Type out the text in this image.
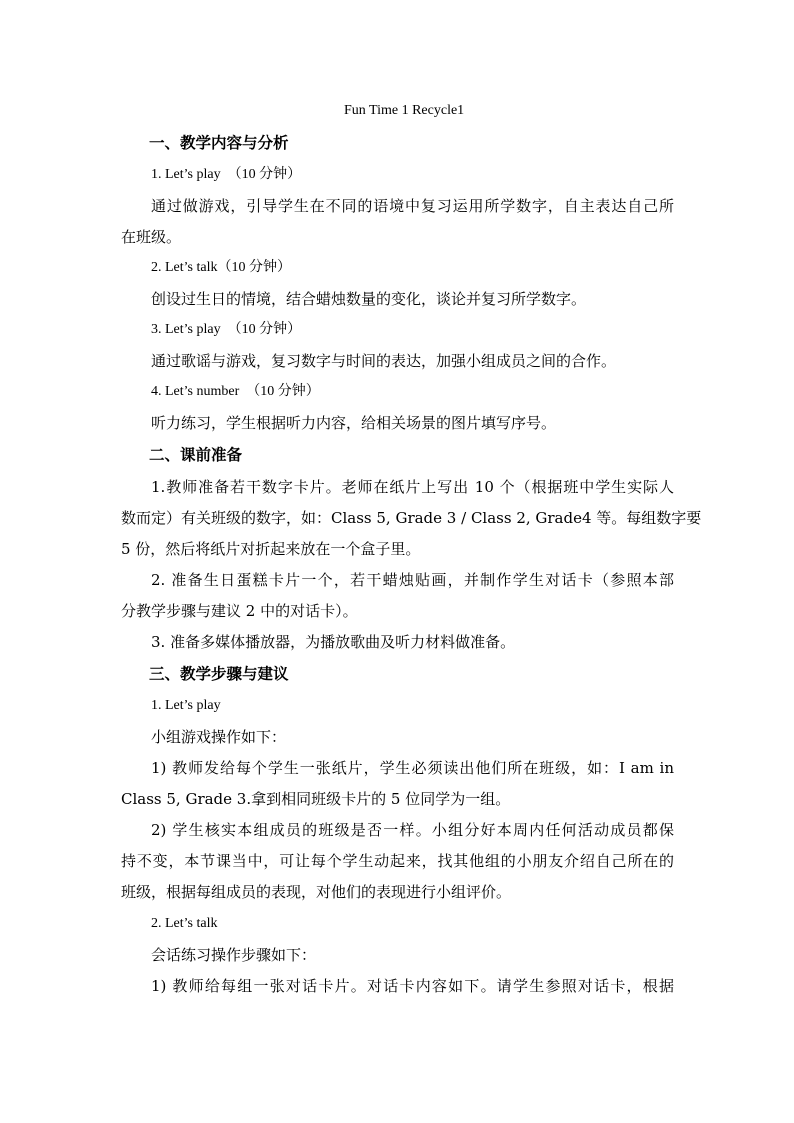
Fun Time 1 Recycle1
一、教学内容与分析
1. Let’s play　（10 分钟）
通过做游戏，引导学生在不同的语境中复习运用所学数字，自主表达自己所
在班级。
2. Let’s talk（10 分钟）
创设过生日的情境，结合蜡烛数量的变化，谈论并复习所学数字。
3. Let’s play　（10 分钟）
通过歌谣与游戏，复习数字与时间的表达，加强小组成员之间的合作。
4. Let’s number　（10 分钟）
听力练习，学生根据听力内容，给相关场景的图片填写序号。
二、课前准备
1.教师准备若干数字卡片。老师在纸片上写出 10 个（根据班中学生实际人
数而定）有关班级的数字，如：Class 5, Grade 3 / Class 2, Grade4 等。每组数字要
5 份，然后将纸片对折起来放在一个盒子里。
2. 准备生日蛋糕卡片一个，若干蜡烛贴画，并制作学生对话卡（参照本部
分教学步骤与建议 2 中的对话卡）。
3. 准备多媒体播放器，为播放歌曲及听力材料做准备。
三、教学步骤与建议
1. Let’s play
小组游戏操作如下：
1) 教师发给每个学生一张纸片，学生必须读出他们所在班级，如：I am in
Class 5, Grade 3.拿到相同班级卡片的 5 位同学为一组。
2) 学生核实本组成员的班级是否一样。小组分好本周内任何活动成员都保
持不变，本节课当中，可让每个学生动起来，找其他组的小朋友介绍自己所在的
班级，根据每组成员的表现，对他们的表现进行小组评价。
2. Let’s talk
会话练习操作步骤如下：
1) 教师给每组一张对话卡片。对话卡内容如下。请学生参照对话卡，根据
